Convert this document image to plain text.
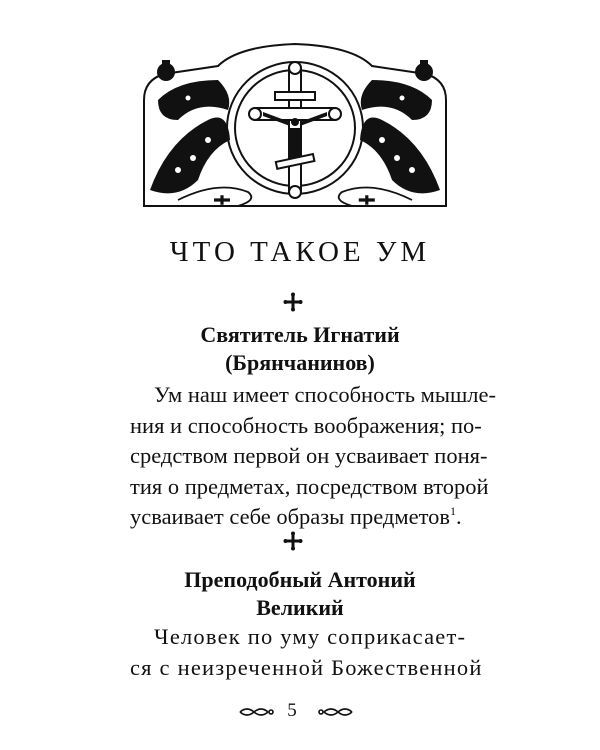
ЧТО ТАКОЕ УМ
Святитель Игнатий
(Брянчанинов)
Ум наш имеет способность мышле-
ния и способность воображения; по-
средством первой он усваивает поня-
тия о предметах, посредством второй
усваивает себе образы предметов$^1$.
Преподобный Антоний
Великий
Человек по уму соприкасает-
ся с неизреченной Божественной
5
